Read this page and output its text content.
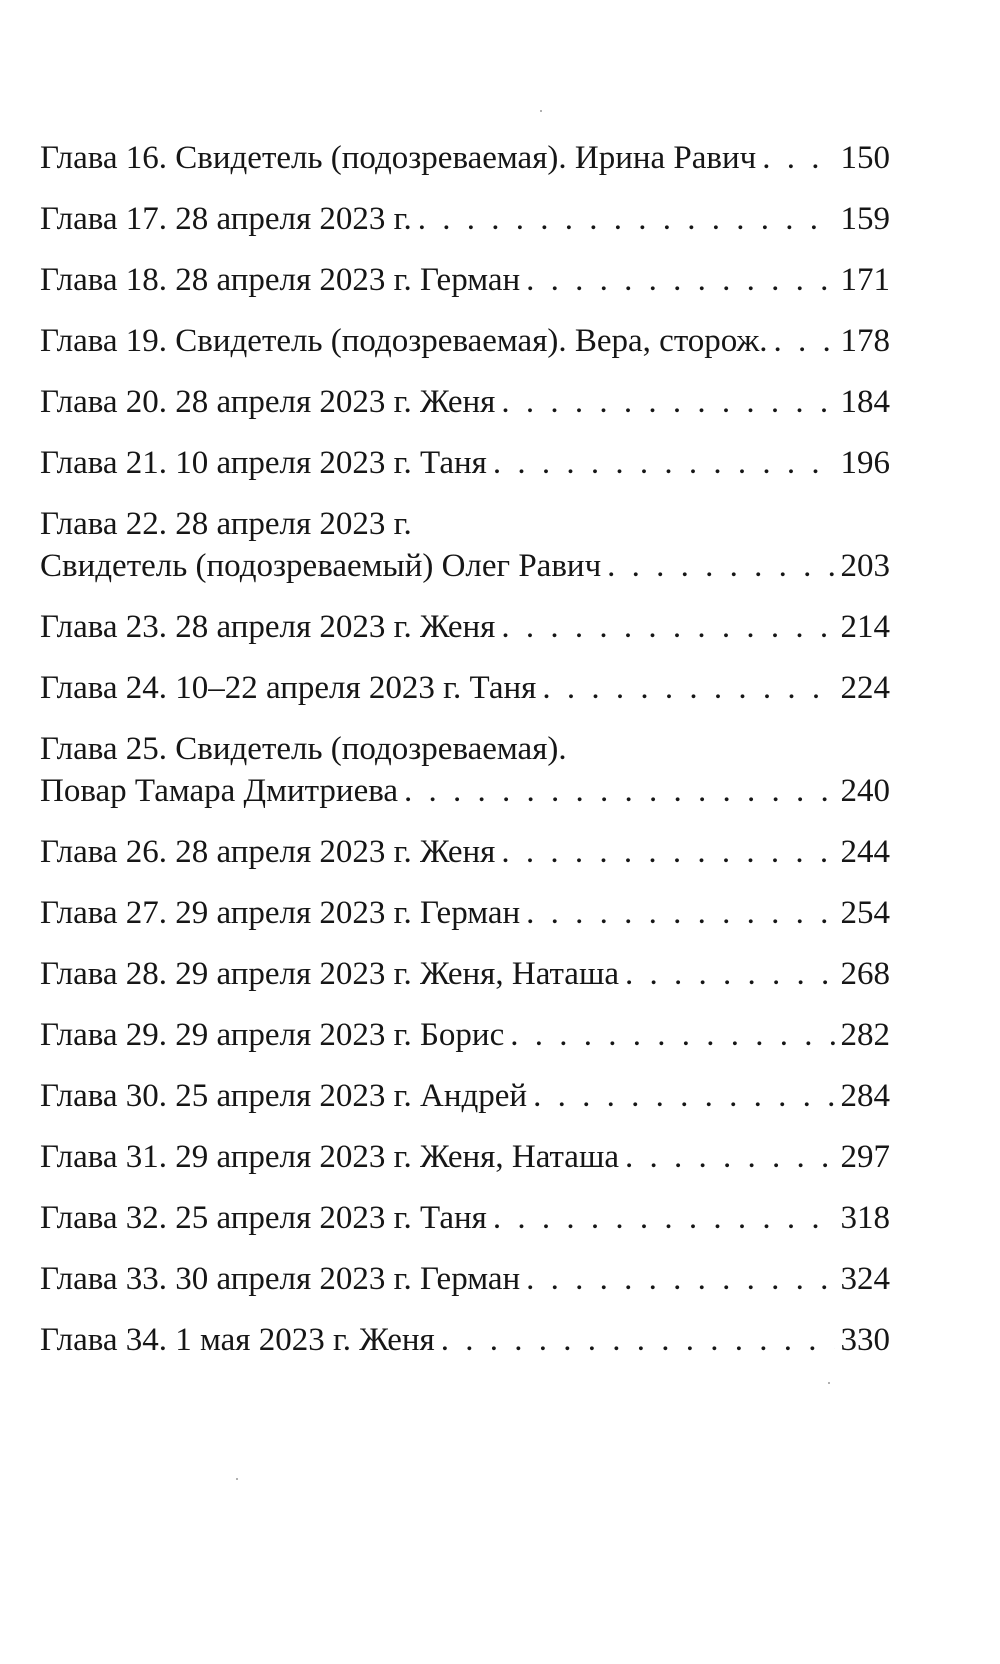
Глава 16. Свидетель (подозреваемая). Ирина Равич . . .	150
Глава 17. 28 апреля 2023 г. . . .	159
Глава 18. 28 апреля 2023 г. Герман . . .	171
Глава 19. Свидетель (подозреваемая). Вера, сторож. . . . 178
Глава 20. 28 апреля 2023 г. Женя . . .	184
Глава 21. 10 апреля 2023 г. Таня . . .	196
Глава 22. 28 апреля 2023 г.
Свидетель (подозреваемый) Олег Равич . . .	203
Глава 23. 28 апреля 2023 г. Женя . . .	214
Глава 24. 10–22 апреля 2023 г. Таня . . .	224
Глава 25. Свидетель (подозреваемая).
Повар Тамара Дмитриева . . .	240
Глава 26. 28 апреля 2023 г. Женя . . .	244
Глава 27. 29 апреля 2023 г. Герман . . .	254
Глава 28. 29 апреля 2023 г. Женя, Наташа . . .	268
Глава 29. 29 апреля 2023 г. Борис . . .	282
Глава 30. 25 апреля 2023 г. Андрей . . .	284
Глава 31. 29 апреля 2023 г. Женя, Наташа . . .	297
Глава 32. 25 апреля 2023 г. Таня . . .	318
Глава 33. 30 апреля 2023 г. Герман . . .	324
Глава 34. 1 мая 2023 г. Женя . . .	330
